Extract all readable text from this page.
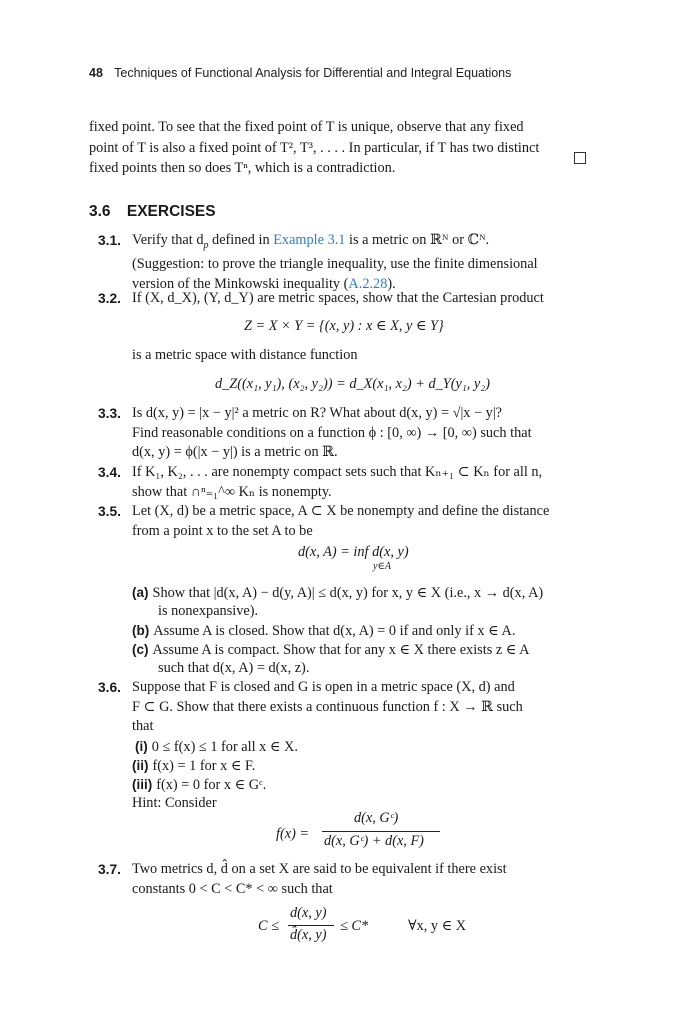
48 Techniques of Functional Analysis for Differential and Integral Equations
fixed point. To see that the fixed point of T is unique, observe that any fixed
point of T is also a fixed point of T², T³, . . . . In particular, if T has two distinct
fixed points then so does Tⁿ, which is a contradiction.
3.6 EXERCISES
3.1. Verify that $d_p$ defined in Example 3.1 is a metric on ℝᴺ or ℂᴺ.
(Suggestion: to prove the triangle inequality, use the finite dimensional
version of the Minkowski inequality (A.2.28).
3.2. If (X, d_X), (Y, d_Y) are metric spaces, show that the Cartesian product
Z = X × Y = {(x, y) : x ∈ X, y ∈ Y}
is a metric space with distance function
d_Z((x₁, y₁), (x₂, y₂)) = d_X(x₁, x₂) + d_Y(y₁, y₂)
3.3. Is d(x, y) = |x − y|² a metric on R? What about d(x, y) = √|x − y|?
Find reasonable conditions on a function ϕ : [0, ∞) → [0, ∞) such that
d(x, y) = ϕ(|x − y|) is a metric on ℝ.
3.4. If K₁, K₂, . . . are nonempty compact sets such that Kₙ₊₁ ⊂ Kₙ for all n,
show that ∩ⁿ₌₁^∞ Kₙ is nonempty.
3.5. Let (X, d) be a metric space, A ⊂ X be nonempty and define the distance
from a point x to the set A to be
d(x, A) = inf d(x, y)
y∈A
(a) Show that |d(x, A) − d(y, A)| ≤ d(x, y) for x, y ∈ X (i.e., x → d(x, A)
is nonexpansive).
(b) Assume A is closed. Show that d(x, A) = 0 if and only if x ∈ A.
(c) Assume A is compact. Show that for any x ∈ X there exists z ∈ A
such that d(x, A) = d(x, z).
3.6. Suppose that F is closed and G is open in a metric space (X, d) and
F ⊂ G. Show that there exists a continuous function f : X → ℝ such
that
(i) 0 ≤ f(x) ≤ 1 for all x ∈ X.
(ii) f(x) = 1 for x ∈ F.
(iii) f(x) = 0 for x ∈ Gᶜ.
Hint: Consider
f(x) =
d(x, Gᶜ)
d(x, Gᶜ) + d(x, F)
3.7. Two metrics d, d̂ on a set X are said to be equivalent if there exist
constants 0 < C < C* < ∞ such that
C ≤
d(x, y)
d̂(x, y)
≤ C*	∀x, y ∈ X
